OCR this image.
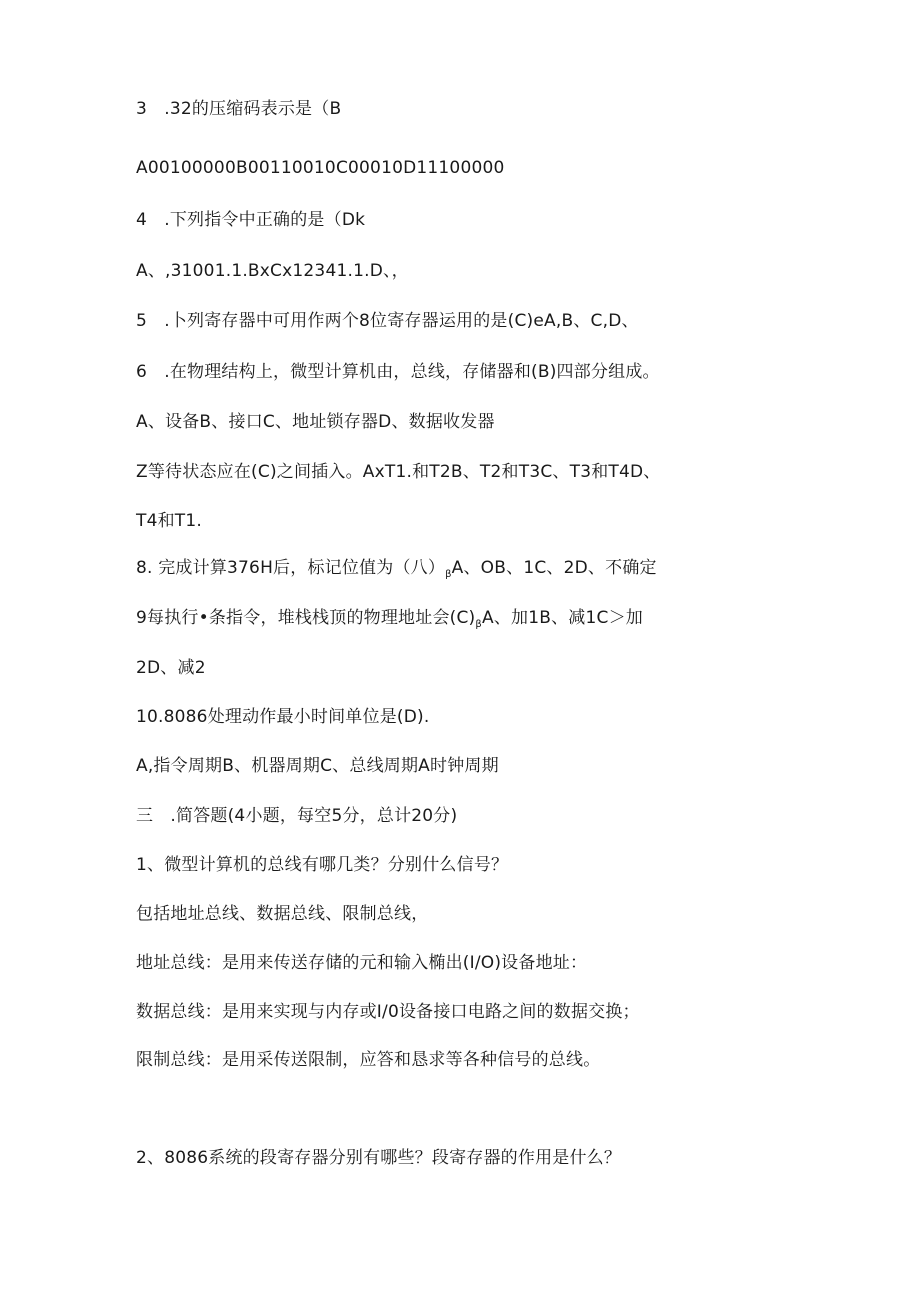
3 .32的压缩码表示是（B
A00100000B00110010C00010D11100000
4 .下列指令中正确的是（Dk
A、,31001.1.BxCx12341.1.D、，
5 .卜列寄存器中可用作两个8位寄存器运用的是(C)eA,B、C,D、
6 .在物理结构上，微型计算机由，总线，存储器和(B)四部分组成。
A、设备B、接口C、地址锁存器D、数据收发器
Z等待状态应在(C)之间插入。AxT1.和T2B、T2和T3C、T3和T4D、
T4和T1.
8. 完成计算376H后，标记位值为（八）$_\beta A$、OB、1C、2D、不确定
9每执行•条指令，堆栈栈顶的物理地址会$(C)_\beta A$、加1B、减1C＞加
2D、减2
10.8086处理动作最小时间单位是(D).
A,指令周期B、机器周期C、总线周期A时钟周期
三 .简答题(4小题，每空5分，总计20分)
1、微型计算机的总线有哪几类？分别什么信号？
包括地址总线、数据总线、限制总线，
地址总线：是用来传送存储的元和输入椭出(I/O)设备地址：
数据总线：是用来实现与内存或I/0设备接口电路之间的数据交换；
限制总线：是用采传送限制，应答和恳求等各种信号的总线。
2、8086系统的段寄存器分别有哪些？段寄存器的作用是什么？
